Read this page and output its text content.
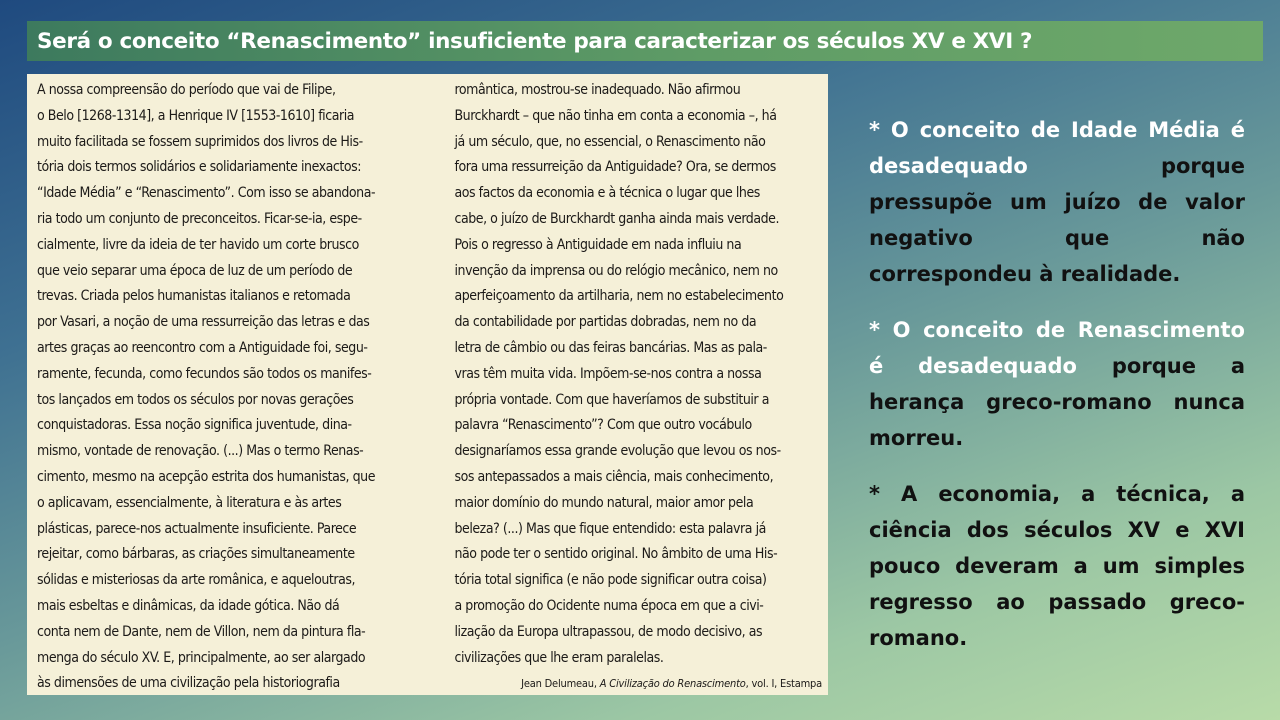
Será o conceito “Renascimento” insuficiente para caracterizar os séculos XV e XVI ?
A nossa compreensão do período que vai de Filipe,
o Belo [1268-1314], a Henrique IV [1553-1610] ficaria
muito facilitada se fossem suprimidos dos livros de His-
tória dois termos solidários e solidariamente inexactos:
“Idade Média” e “Renascimento”. Com isso se abandona-
ria todo um conjunto de preconceitos. Ficar-se-ia, espe-
cialmente, livre da ideia de ter havido um corte brusco
que veio separar uma época de luz de um período de
trevas. Criada pelos humanistas italianos e retomada
por Vasari, a noção de uma ressurreição das letras e das
artes graças ao reencontro com a Antiguidade foi, segu-
ramente, fecunda, como fecundos são todos os manifes-
tos lançados em todos os séculos por novas gerações
conquistadoras. Essa noção significa juventude, dina-
mismo, vontade de renovação. (...) Mas o termo Renas-
cimento, mesmo na acepção estrita dos humanistas, que
o aplicavam, essencialmente, à literatura e às artes
plásticas, parece-nos actualmente insuficiente. Parece
rejeitar, como bárbaras, as criações simultaneamente
sólidas e misteriosas da arte românica, e aqueloutras,
mais esbeltas e dinâmicas, da idade gótica. Não dá
conta nem de Dante, nem de Villon, nem da pintura fla-
menga do século XV. E, principalmente, ao ser alargado
às dimensões de uma civilização pela historiografia
romântica, mostrou-se inadequado. Não afirmou
Burckhardt – que não tinha em conta a economia –, há
já um século, que, no essencial, o Renascimento não
fora uma ressurreição da Antiguidade? Ora, se dermos
aos factos da economia e à técnica o lugar que lhes
cabe, o juízo de Burckhardt ganha ainda mais verdade.
Pois o regresso à Antiguidade em nada influiu na
invenção da imprensa ou do relógio mecânico, nem no
aperfeiçoamento da artilharia, nem no estabelecimento
da contabilidade por partidas dobradas, nem no da
letra de câmbio ou das feiras bancárias. Mas as pala-
vras têm muita vida. Impõem-se-nos contra a nossa
própria vontade. Com que haveríamos de substituir a
palavra “Renascimento”? Com que outro vocábulo
designaríamos essa grande evolução que levou os nos-
sos antepassados a mais ciência, mais conhecimento,
maior domínio do mundo natural, maior amor pela
beleza? (...) Mas que fique entendido: esta palavra já
não pode ter o sentido original. No âmbito de uma His-
tória total significa (e não pode significar outra coisa)
a promoção do Ocidente numa época em que a civi-
lização da Europa ultrapassou, de modo decisivo, as
civilizações que lhe eram paralelas.
Jean Delumeau, A Civilização do Renascimento, vol. I, Estampa
* O conceito de Idade Média é
desadequado	porque
pressupõe um juízo de valor
negativo que não
correspondeu à realidade.
* O conceito de Renascimento
é desadequado porque a
herança greco-romano nunca
morreu.
* A economia, a técnica, a
ciência dos séculos XV e XVI
pouco deveram a um simples
regresso ao passado greco-
romano.
